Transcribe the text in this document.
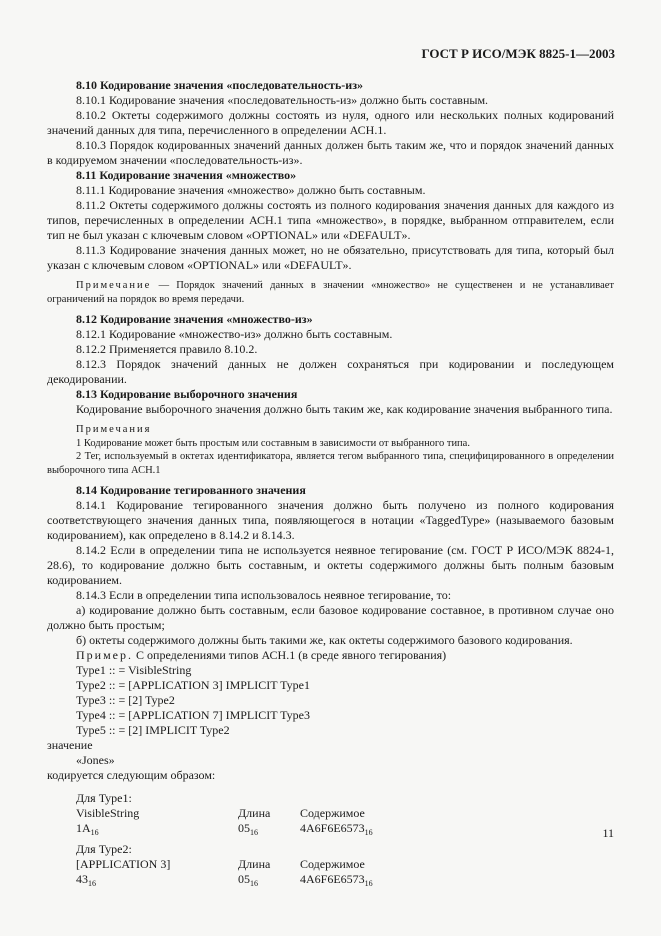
ГОСТ Р ИСО/МЭК 8825-1—2003

8.10 Кодирование значения «последовательность-из»

8.10.1 Кодирование значения «последовательность-из» должно быть составным.

8.10.2 Октеты содержимого должны состоять из нуля, одного или нескольких полных кодирований значений данных для типа, перечисленного в определении АСН.1.

8.10.3 Порядок кодированных значений данных должен быть таким же, что и порядок значений данных в кодируемом значении «последовательность-из».

8.11 Кодирование значения «множество»

8.11.1 Кодирование значения «множество» должно быть составным.

8.11.2 Октеты содержимого должны состоять из полного кодирования значения данных для каждого из типов, перечисленных в определении АСН.1 типа «множество», в порядке, выбранном отправителем, если тип не был указан с ключевым словом «OPTIONAL» или «DEFAULT».

8.11.3 Кодирование значения данных может, но не обязательно, присутствовать для типа, который был указан с ключевым словом «OPTIONAL» или «DEFAULT».

Примечание — Порядок значений данных в значении «множество» не существенен и не устанавливает ограничений на порядок во время передачи.

8.12 Кодирование значения «множество-из»

8.12.1 Кодирование «множество-из» должно быть составным.

8.12.2 Применяется правило 8.10.2.

8.12.3 Порядок значений данных не должен сохраняться при кодировании и последующем декодировании.

8.13 Кодирование выборочного значения

Кодирование выборочного значения должно быть таким же, как кодирование значения выбранного типа.

Примечания

1 Кодирование может быть простым или составным в зависимости от выбранного типа.

2 Тег, используемый в октетах идентификатора, является тегом выбранного типа, специфицированного в определении выборочного типа АСН.1

8.14 Кодирование тегированного значения

8.14.1 Кодирование тегированного значения должно быть получено из полного кодирования соответствующего значения данных типа, появляющегося в нотации «TaggedType» (называемого базовым кодированием), как определено в 8.14.2 и 8.14.3.

8.14.2 Если в определении типа не используется неявное тегирование (см. ГОСТ Р ИСО/МЭК 8824-1, 28.6), то кодирование должно быть составным, и октеты содержимого должны быть полным базовым кодированием.

8.14.3 Если в определении типа использовалось неявное тегирование, то:

а) кодирование должно быть составным, если базовое кодирование составное, в противном случае оно должно быть простым;

б) октеты содержимого должны быть такими же, как октеты содержимого базового кодирования.

Пример. С определениями типов АСН.1 (в среде явного тегирования)

Type1 :: = VisibleString
Type2 :: = [APPLICATION 3] IMPLICIT Type1
Type3 :: = [2] Type2
Type4 :: = [APPLICATION 7] IMPLICIT Type3
Type5 :: = [2] IMPLICIT Type2

значение

«Jones»

кодируется следующим образом:

Для Type1:
VisibleString	Длина	Содержимое
$1A_{16}$	$05_{16}$	$4A6F6E6573_{16}$
Для Type2:
[APPLICATION 3]	Длина	Содержимое
$43_{16}$	$05_{16}$	$4A6F6E6573_{16}$
11
